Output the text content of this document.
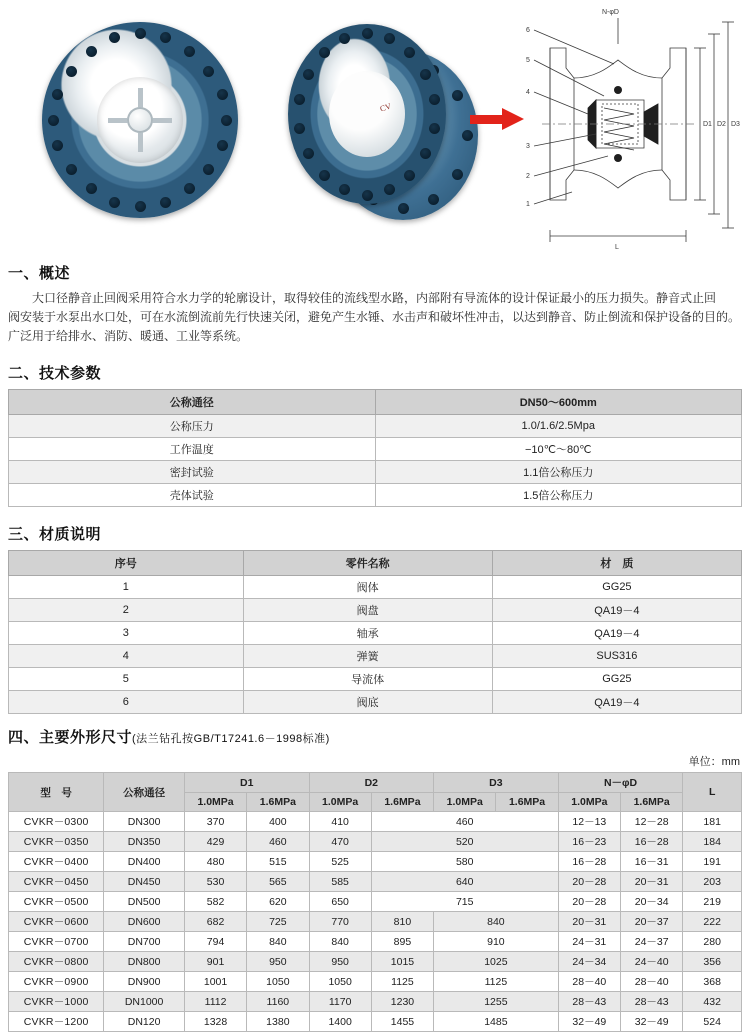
CV
N-φD
D1 D2 D3
L
6
5
4
3
2
1
一、概述

大口径静音止回阀采用符合水力学的轮廓设计，取得较佳的流线型水路，内部附有导流体的设计保证最小的压力损失。静音式止回

阀安装于水泵出水口处，可在水流倒流前先行快速关闭，避免产生水锤、水击声和破坏性冲击，以达到静音、防止倒流和保护设备的目的。

广泛用于给排水、消防、暖通、工业等系统。

二、技术参数
公称通径	DN50～600mm
公称压力	1.0/1.6/2.5Mpa
工作温度	−10℃～80℃
密封试验	1.1倍公称压力
壳体试验	1.5倍公称压力
三、材质说明
序号	零件名称	材　质
1	阀体	GG25
2	阀盘	QA19－4
3	轴承	QA19－4
4	弹簧	SUS316
5	导流体	GG25
6	阀底	QA19－4
四、主要外形尺寸(法兰钻孔按GB/T17241.6－1998标准)
单位：mm
型　号	公称通径	D1		D2		D3		N－φD		L
		1.0MPa	1.6MPa	1.0MPa	1.6MPa	1.0MPa	1.6MPa	1.0MPa	1.6MPa	
CVKR－0300	DN300	370	400	410	460			12－13	12－28	181
CVKR－0350	DN350	429	460	470	520			16－23	16－28	184
CVKR－0400	DN400	480	515	525	580			16－28	16－31	191
CVKR－0450	DN450	530	565	585	640			20－28	20－31	203
CVKR－0500	DN500	582	620	650	715			20－28	20－34	219
CVKR－0600	DN600	682	725	770	810	840		20－31	20－37	222
CVKR－0700	DN700	794	840	840	895	910		24－31	24－37	280
CVKR－0800	DN800	901	950	950	1015	1025		24－34	24－40	356
CVKR－0900	DN900	1001	1050	1050	1125	1125		28－40	28－40	368
CVKR－1000	DN1000	1112	1160	1170	1230	1255		28－43	28－43	432
CVKR－1200	DN120	1328	1380	1400	1455	1485		32－49	32－49	524
